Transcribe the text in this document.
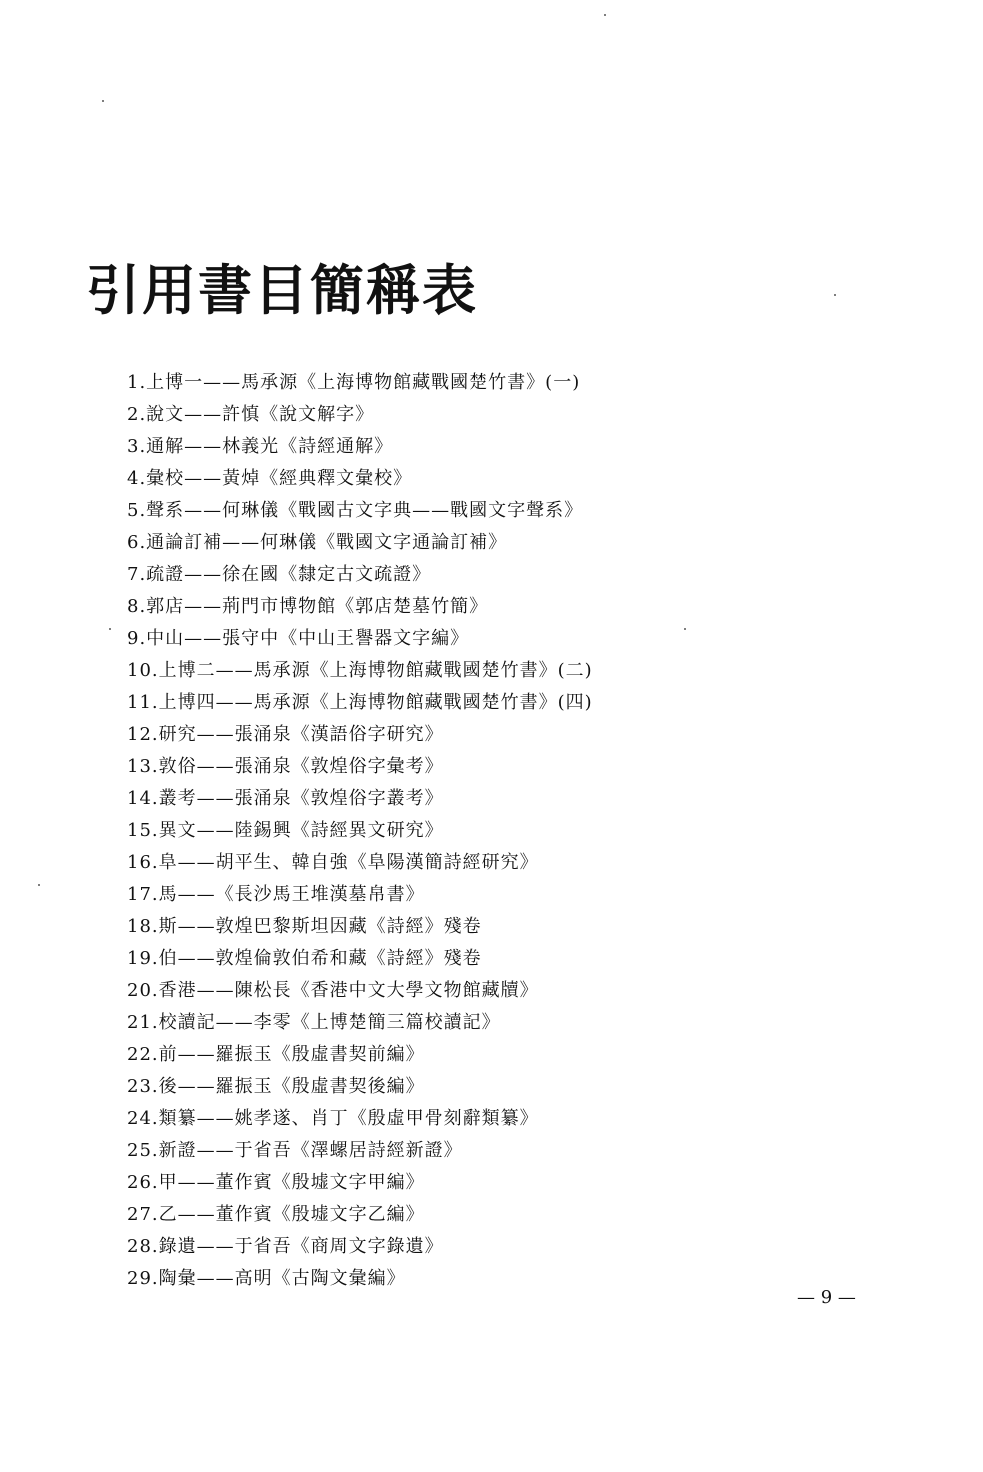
引用書目簡稱表
1.上博一——馬承源《上海博物館藏戰國楚竹書》(一)
2.說文——許慎《說文解字》
3.通解——林義光《詩經通解》
4.彙校——黃焯《經典釋文彙校》
5.聲系——何琳儀《戰國古文字典——戰國文字聲系》
6.通論訂補——何琳儀《戰國文字通論訂補》
7.疏證——徐在國《隸定古文疏證》
8.郭店——荊門市博物館《郭店楚墓竹簡》
9.中山——張守中《中山王譽器文字編》
10.上博二——馬承源《上海博物館藏戰國楚竹書》(二)
11.上博四——馬承源《上海博物館藏戰國楚竹書》(四)
12.研究——張涌泉《漢語俗字研究》
13.敦俗——張涌泉《敦煌俗字彙考》
14.叢考——張涌泉《敦煌俗字叢考》
15.異文——陸錫興《詩經異文研究》
16.阜——胡平生、韓自強《阜陽漢簡詩經研究》
17.馬——《長沙馬王堆漢墓帛書》
18.斯——敦煌巴黎斯坦因藏《詩經》殘卷
19.伯——敦煌倫敦伯希和藏《詩經》殘卷
20.香港——陳松長《香港中文大學文物館藏牘》
21.校讀記——李零《上博楚簡三篇校讀記》
22.前——羅振玉《殷虛書契前編》
23.後——羅振玉《殷虛書契後編》
24.類纂——姚孝遂、肖丁《殷虛甲骨刻辭類纂》
25.新證——于省吾《澤螺居詩經新證》
26.甲——董作賓《殷墟文字甲編》
27.乙——董作賓《殷墟文字乙編》
28.錄遺——于省吾《商周文字錄遺》
29.陶彙——高明《古陶文彙編》
— 9 —
